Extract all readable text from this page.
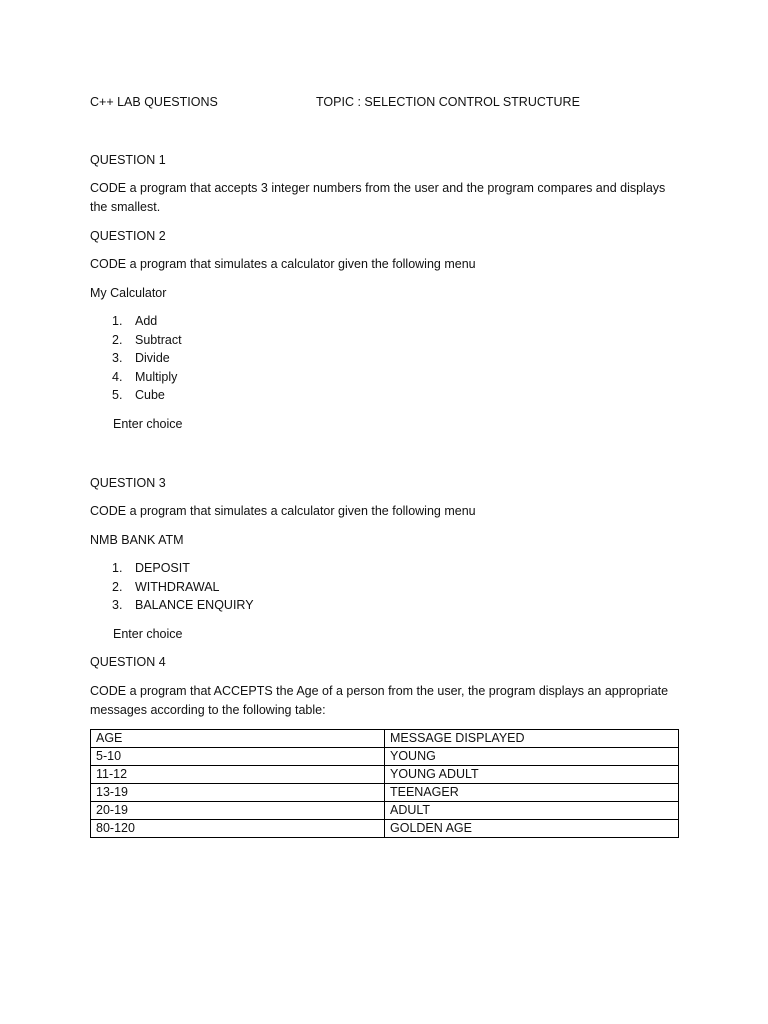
C++ LAB QUESTIONS

	TOPIC : SELECTION CONTROL STRUCTURE

QUESTION 1

CODE a program that accepts 3 integer numbers from the user and the program compares and displays the smallest.

QUESTION 2

CODE a program that simulates a calculator given the following menu

My Calculator

1. Add
2. Subtract
3. Divide
4. Multiply
5. Cube

Enter choice

QUESTION 3

CODE a program that simulates a calculator given the following menu

NMB BANK ATM

1. DEPOSIT
2. WITHDRAWAL
3. BALANCE ENQUIRY

Enter choice

QUESTION 4

CODE a program that ACCEPTS the Age of a person from the user, the program displays an appropriate messages according to the following table:

AGE	MESSAGE DISPLAYED
5-10	YOUNG
11-12	YOUNG ADULT
13-19	TEENAGER
20-19	ADULT
80-120	GOLDEN AGE
